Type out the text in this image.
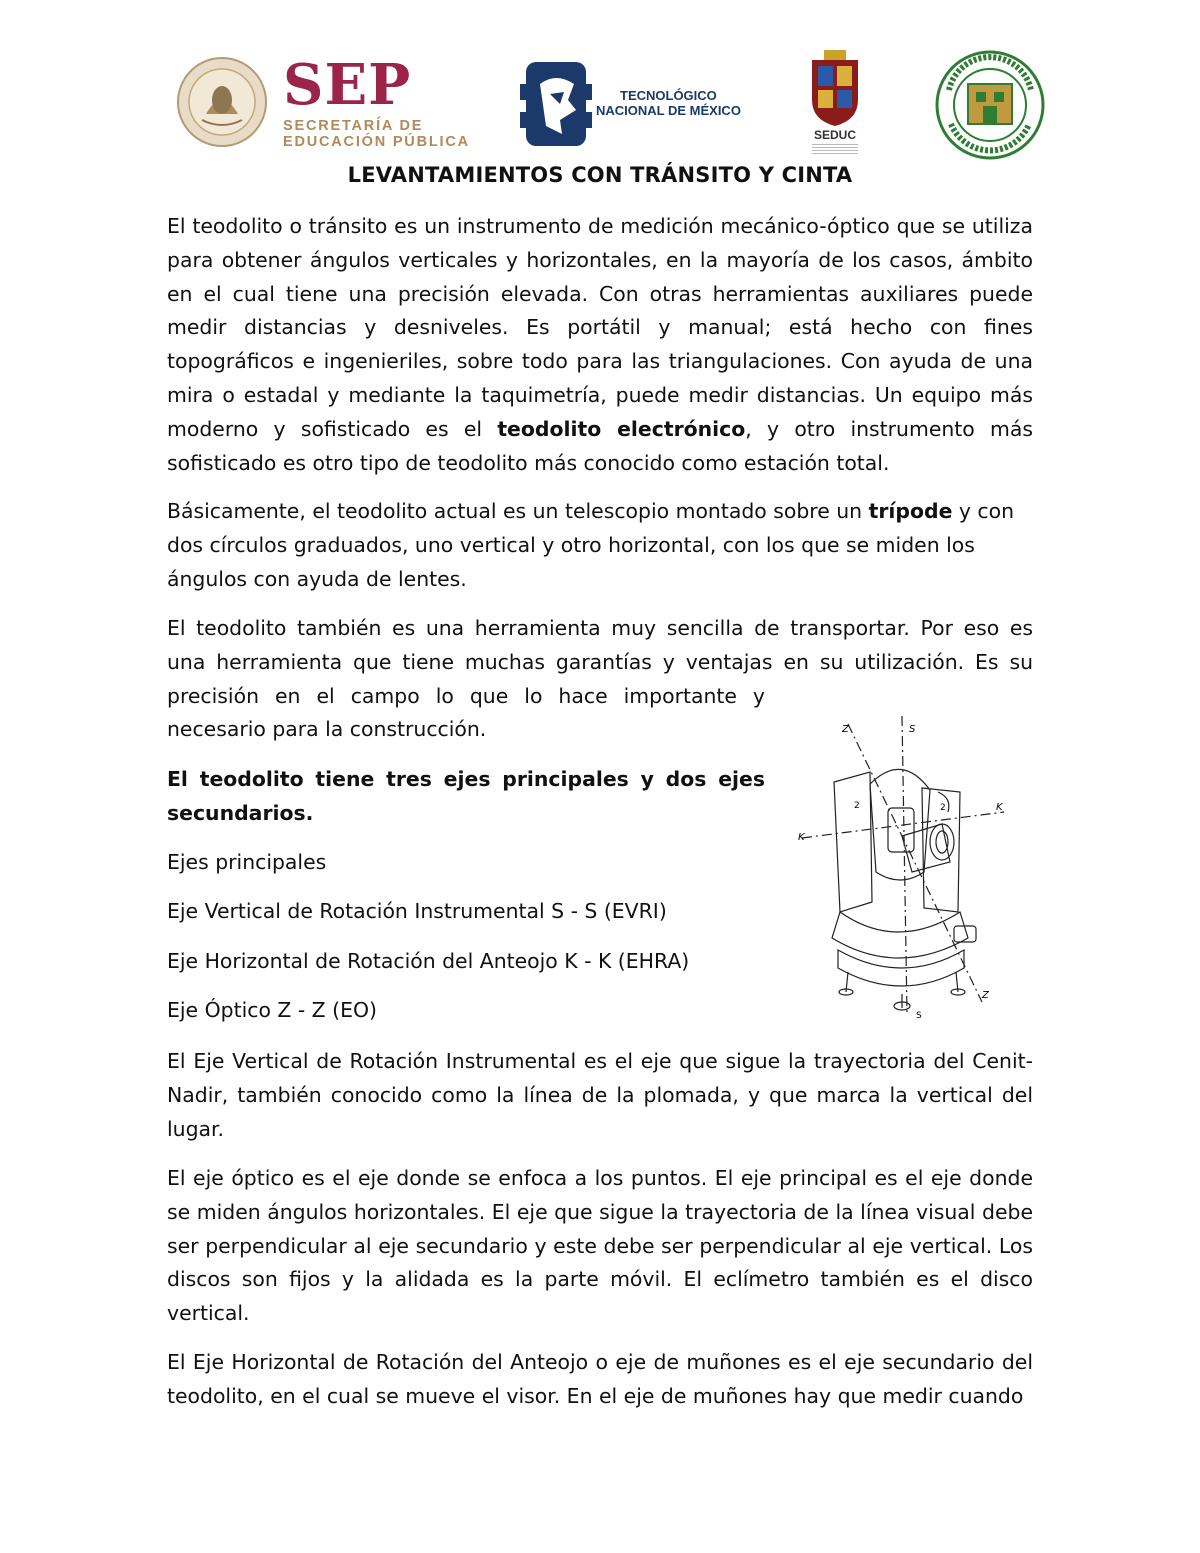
SEP
SECRETARÍA DE
EDUCACIÓN PÚBLICA
TECNOLÓGICO
NACIONAL DE MÉXICO
SEDUC
LEVANTAMIENTOS CON TRÁNSITO Y CINTA

El teodolito o tránsito es un instrumento de medición mecánico-óptico que se utiliza para obtener ángulos verticales y horizontales, en la mayoría de los casos, ámbito en el cual tiene una precisión elevada. Con otras herramientas auxiliares puede medir distancias y desniveles. Es portátil y manual; está hecho con fines topográficos e ingenieriles, sobre todo para las triangulaciones. Con ayuda de una mira o estadal y mediante la taquimetría, puede medir distancias. Un equipo más moderno y sofisticado es el teodolito electrónico, y otro instrumento más sofisticado es otro tipo de teodolito más conocido como estación total.

Básicamente, el teodolito actual es un telescopio montado sobre un trípode y con dos círculos graduados, uno vertical y otro horizontal, con los que se miden los ángulos con ayuda de lentes.

El teodolito también es una herramienta muy sencilla de transportar. Por eso es

una herramienta que tiene muchas garantías y ventajas en su utilización. Es su

precisión en el campo lo que lo hace importante y

necesario para la construcción.

El teodolito tiene tres ejes principales y dos ejes secundarios.

Ejes principales

Eje Vertical de Rotación Instrumental S - S (EVRI)

Eje Horizontal de Rotación del Anteojo K - K (EHRA)

Eje Óptico Z - Z (EO)

Z	S
K
K
Z
S
2	2

El Eje Vertical de Rotación Instrumental es el eje que sigue la trayectoria del Cenit-Nadir, también conocido como la línea de la plomada, y que marca la vertical del lugar.

El eje óptico es el eje donde se enfoca a los puntos. El eje principal es el eje donde se miden ángulos horizontales. El eje que sigue la trayectoria de la línea visual debe ser perpendicular al eje secundario y este debe ser perpendicular al eje vertical. Los discos son fijos y la alidada es la parte móvil. El eclímetro también es el disco vertical.

El Eje Horizontal de Rotación del Anteojo o eje de muñones es el eje secundario del teodolito, en el cual se mueve el visor. En el eje de muñones hay que medir cuando
